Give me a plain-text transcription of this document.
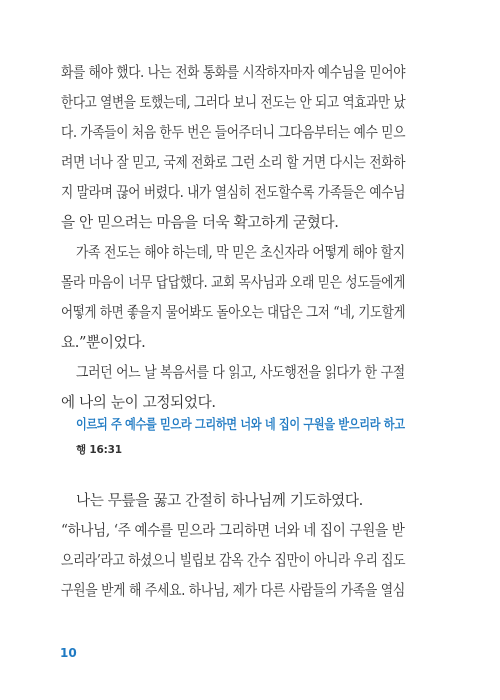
화를 해야 했다. 나는 전화 통화를 시작하자마자 예수님을 믿어야
한다고 열변을 토했는데, 그러다 보니 전도는 안 되고 역효과만 났
다. 가족들이 처음 한두 번은 들어주더니 그다음부터는 예수 믿으
려면 너나 잘 믿고, 국제 전화로 그런 소리 할 거면 다시는 전화하
지 말라며 끊어 버렸다. 내가 열심히 전도할수록 가족들은 예수님
을 안 믿으려는 마음을 더욱 확고하게 굳혔다.
가족 전도는 해야 하는데, 막 믿은 초신자라 어떻게 해야 할지
몰라 마음이 너무 답답했다. 교회 목사님과 오래 믿은 성도들에게
어떻게 하면 좋을지 물어봐도 돌아오는 대답은 그저 “네, 기도할게
요.”뿐이었다.
그러던 어느 날 복음서를 다 읽고, 사도행전을 읽다가 한 구절
에 나의 눈이 고정되었다.
이르되 주 예수를 믿으라 그리하면 너와 네 집이 구원을 받으리라 하고
행 16:31
나는 무릎을 꿇고 간절히 하나님께 기도하였다.
“하나님, ‘주 예수를 믿으라 그리하면 너와 네 집이 구원을 받
으리라’라고 하셨으니 빌립보 감옥 간수 집만이 아니라 우리 집도
구원을 받게 해 주세요. 하나님, 제가 다른 사람들의 가족을 열심
10
